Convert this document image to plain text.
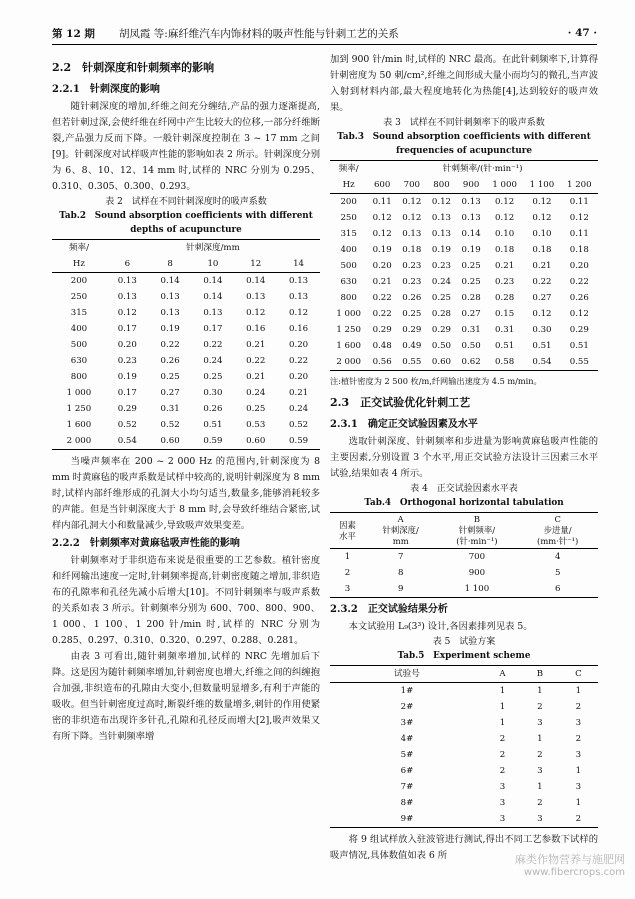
第 12 期 胡凤霞 等:麻纤维汽车内饰材料的吸声性能与针刺工艺的关系	· 47 ·
2.2　针刺深度和针刺频率的影响
2.2.1　针刺深度的影响

随针刺深度的增加,纤维之间充分缠结,产品的强力逐渐提高,但若针刺过深,会使纤维在纤网中产生比较大的位移,一部分纤维断裂,产品强力反而下降。一般针刺深度控制在 3 ~ 17 mm 之间[9]。针刺深度对试样吸声性能的影响如表 2 所示。针刺深度分别为 6、8、10、12、14 mm 时,试样的 NRC 分别为 0.295、0.310、0.305、0.300、0.293。

表 2　试样在不同针刺深度时的吸声系数
Tab.2　Sound absorption coefficients with different
depths of acupuncture
频率/	针刺深度/mm				
Hz	6	8	10	12	14
200	0.13	0.14	0.14	0.14	0.13
250	0.13	0.13	0.14	0.13	0.13
315	0.12	0.13	0.13	0.12	0.12
400	0.17	0.19	0.17	0.16	0.16
500	0.20	0.22	0.22	0.21	0.20
630	0.23	0.26	0.24	0.22	0.22
800	0.19	0.25	0.25	0.21	0.20
1 000	0.17	0.27	0.30	0.24	0.21
1 250	0.29	0.31	0.26	0.25	0.24
1 600	0.52	0.52	0.51	0.53	0.52
2 000	0.54	0.60	0.59	0.60	0.59

当噪声频率在 200 ~ 2 000 Hz 的范围内,针刺深度为 8 mm 时黄麻毡的吸声系数是试样中较高的,说明针刺深度为 8 mm 时,试样内部纤维形成的孔洞大小均匀适当,数量多,能够消耗较多的声能。但是当针刺深度大于 8 mm 时,会导致纤维结合紧密,试样内部孔洞大小和数量减少,导致吸声效果变差。

2.2.2　针刺频率对黄麻毡吸声性能的影响

针刺频率对于非织造布来说是很重要的工艺参数。植针密度和纤网输出速度一定时,针刺频率提高,针刺密度随之增加,非织造布的孔隙率和孔径先减小后增大[10]。不同针刺频率与吸声系数的关系如表 3 所示。针刺频率分别为 600、700、800、900、1 000、1 100、1 200 针/min 时,试样的 NRC 分别为 0.285、0.297、0.310、0.320、0.297、0.288、0.281。

由表 3 可看出,随针刺频率增加,试样的 NRC 先增加后下降。这是因为随针刺频率增加,针刺密度也增大,纤维之间的纠缠抱合加强,非织造布的孔隙由大变小,但数量明显增多,有利于声能的吸收。但当针刺密度过高时,断裂纤维的数量增多,刺针的作用使紧密的非织造布出现许多针孔,孔隙和孔径反而增大[2],吸声效果又有所下降。当针刺频率增

加到 900 针/min 时,试样的 NRC 最高。在此针刺频率下,计算得针刺密度为 50 刺/cm²,纤维之间形成大量小而均匀的微孔,当声波入射到材料内部,最大程度地转化为热能[4],达到较好的吸声效果。

表 3　试样在不同针刺频率下的吸声系数
Tab.3　Sound absorption coefficients with different
frequencies of acupuncture
频率/	针刺频率/(针·min⁻¹)						
Hz	600	700	800	900	1 000	1 100	1 200
200	0.11	0.12	0.12	0.13	0.12	0.12	0.11
250	0.12	0.12	0.13	0.13	0.12	0.12	0.12
315	0.12	0.13	0.13	0.14	0.10	0.10	0.11
400	0.19	0.18	0.19	0.19	0.18	0.18	0.18
500	0.20	0.23	0.23	0.25	0.21	0.21	0.20
630	0.21	0.23	0.24	0.25	0.23	0.22	0.22
800	0.22	0.26	0.25	0.28	0.28	0.27	0.26
1 000	0.22	0.25	0.28	0.27	0.15	0.12	0.12
1 250	0.29	0.29	0.29	0.31	0.31	0.30	0.29
1 600	0.48	0.49	0.50	0.50	0.51	0.51	0.51
2 000	0.56	0.55	0.60	0.62	0.58	0.54	0.55
注:植针密度为 2 500 枚/m,纤网输出速度为 4.5 m/min。
2.3　正交试验优化针刺工艺
2.3.1　确定正交试验因素及水平

选取针刺深度、针刺频率和步进量为影响黄麻毡吸声性能的主要因素,分别设置 3 个水平,用正交试验方法设计三因素三水平试验,结果如表 4 所示。

表 4　正交试验因素水平表
Tab.4　Orthogonal horizontal tabulation
因素
水平	A
针刺深度/
mm	B
针刺频率/
(针·min⁻¹)	C
步进量/
(mm·针⁻¹)
1	7	700	4
2	8	900	5
3	9	1 100	6
2.3.2　正交试验结果分析

本文试验用 L₉(3³) 设计,各因素排列见表 5。

表 5　试验方案
Tab.5　Experiment scheme
试验号	A	B	C
1#	1	1	1
2#	1	2	2
3#	1	3	3
4#	2	1	2
5#	2	2	3
6#	2	3	1
7#	3	1	3
8#	3	2	1
9#	3	3	2

将 9 组试样放入驻波管进行测试,得出不同工艺参数下试样的吸声情况,具体数值如表 6 所	麻类作物营养与施肥网
www.fibercrops.com
